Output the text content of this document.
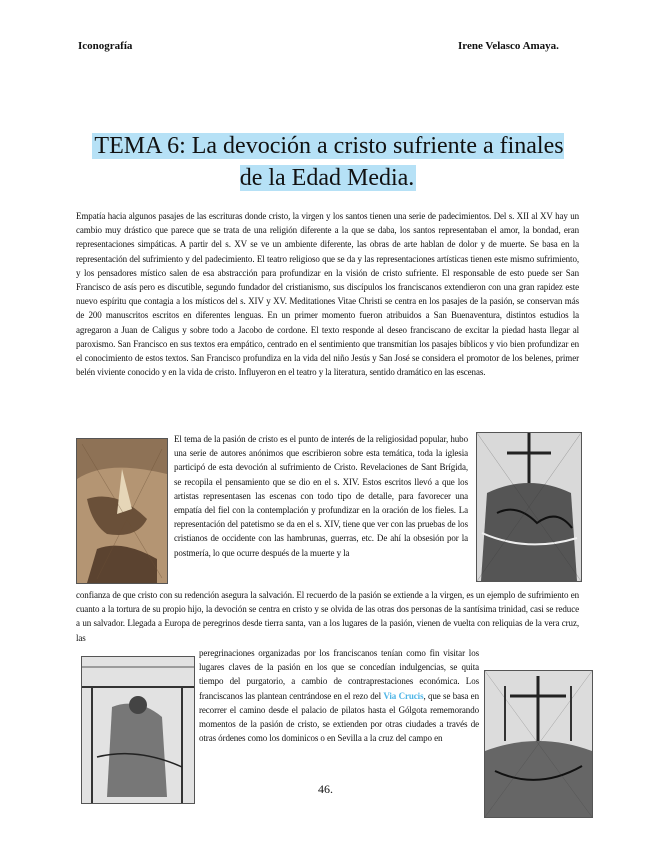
Iconografía	Irene Velasco Amaya.
TEMA 6: La devoción a cristo sufriente a finales de la Edad Media.

Empatía hacia algunos pasajes de las escrituras donde cristo, la virgen y los santos tienen una serie de padecimientos. Del s. XII al XV hay un cambio muy drástico que parece que se trata de una religión diferente a la que se daba, los santos representaban el amor, la bondad, eran representaciones simpáticas. A partir del s. XV se ve un ambiente diferente, las obras de arte hablan de dolor y de muerte. Se basa en la representación del sufrimiento y del padecimiento. El teatro religioso que se da y las representaciones artísticas tienen este mismo sufrimiento, y los pensadores místico salen de esa abstracción para profundizar en la visión de cristo sufriente. El responsable de esto puede ser San Francisco de asís pero es discutible, segundo fundador del cristianismo, sus discípulos los franciscanos extendieron con una gran rapidez este nuevo espíritu que contagia a los místicos del s. XIV y XV. Meditationes Vitae Christi se centra en los pasajes de la pasión, se conservan más de 200 manuscritos escritos en diferentes lenguas. En un primer momento fueron atribuidos a San Buenaventura, distintos estudios la agregaron a Juan de Caligus y sobre todo a Jacobo de cordone. El texto responde al deseo franciscano de excitar la piedad hasta llegar al paroxismo. San Francisco en sus textos era empático, centrado en el sentimiento que transmitían los pasajes bíblicos y vio bien profundizar en el conocimiento de estos textos. San Francisco profundiza en la vida del niño Jesús y San José se considera el promotor de los belenes, primer belén viviente conocido y en la vida de cristo. Influyeron en el teatro y la literatura, sentido dramático en las escenas.

El tema de la pasión de cristo es el punto de interés de la religiosidad popular, hubo una serie de autores anónimos que escribieron sobre esta temática, toda la iglesia participó de esta devoción al sufrimiento de Cristo. Revelaciones de Sant Brígida, se recopila el pensamiento que se dio en el s. XIV. Estos escritos llevó a que los artistas representasen las escenas con todo tipo de detalle, para favorecer una empatía del fiel con la contemplación y profundizar en la oración de los fieles. La representación del patetismo se da en el s. XIV, tiene que ver con las pruebas de los cristianos de occidente con las hambrunas, guerras, etc. De ahí la obsesión por la postmería, lo que ocurre después de la muerte y la

confianza de que cristo con su redención asegura la salvación. El recuerdo de la pasión se extiende a la virgen, es un ejemplo de sufrimiento en cuanto a la tortura de su propio hijo, la devoción se centra en cristo y se olvida de las otras dos personas de la santísima trinidad, casi se reduce a un salvador. Llegada a Europa de peregrinos desde tierra santa, van a los lugares de la pasión, vienen de vuelta con reliquias de la vera cruz, las

peregrinaciones organizadas por los franciscanos tenían como fin visitar los lugares claves de la pasión en los que se concedían indulgencias, se quita tiempo del purgatorio, a cambio de contraprestaciones económica. Los franciscanos las plantean centrándose en el rezo del Via Crucis, que se basa en recorrer el camino desde el palacio de pilatos hasta el Gólgota rememorando momentos de la pasión de cristo, se extienden por otras ciudades a través de otras órdenes como los dominicos o en Sevilla a la cruz del campo en

46.
